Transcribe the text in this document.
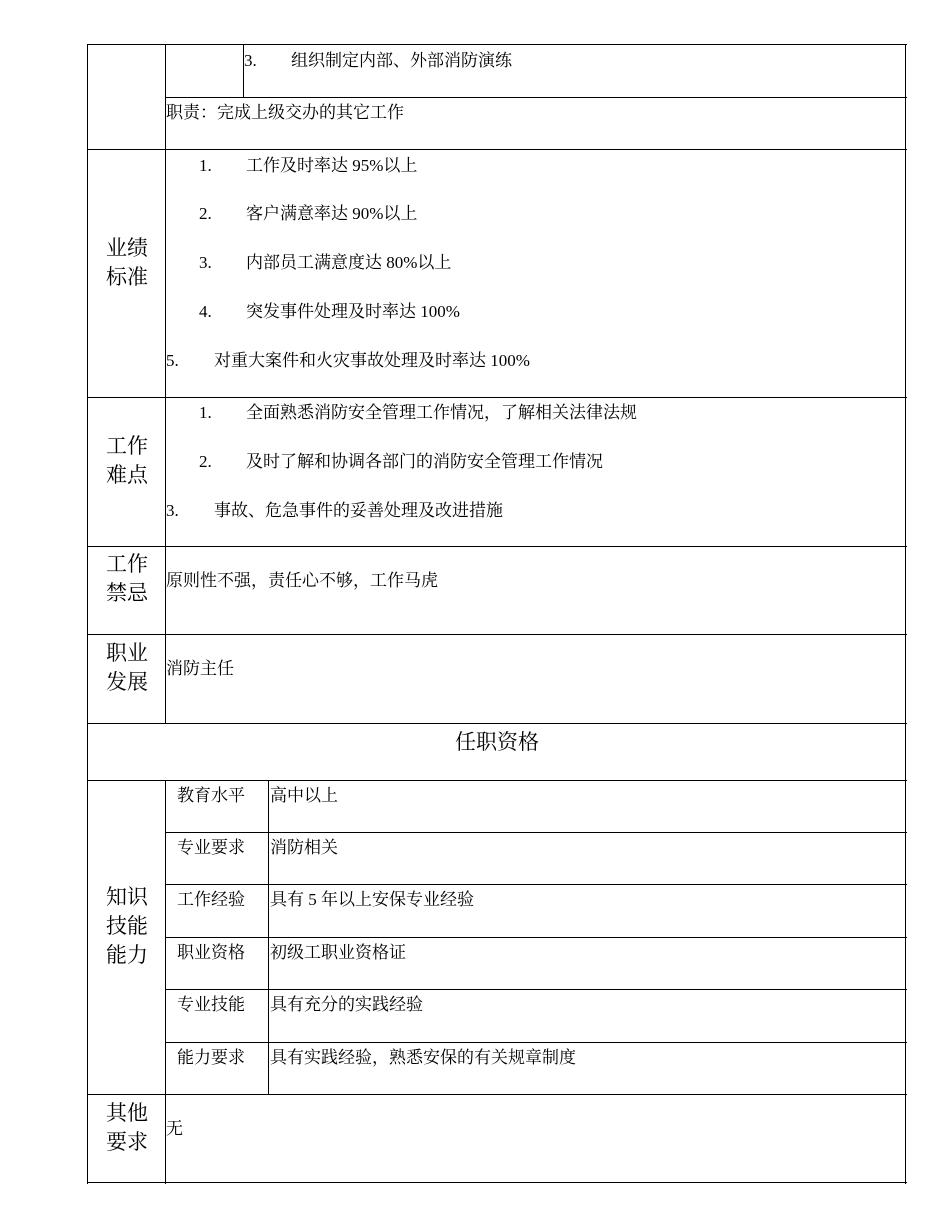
3. 组织制定内部、外部消防演练
职责：完成上级交办的其它工作
业绩
标准
1. 工作及时率达 95%以上
2. 客户满意率达 90%以上
3. 内部员工满意度达 80%以上
4. 突发事件处理及时率达 100%
5. 对重大案件和火灾事故处理及时率达 100%
工作
难点
1. 全面熟悉消防安全管理工作情况，了解相关法律法规
2. 及时了解和协调各部门的消防安全管理工作情况
3. 事故、危急事件的妥善处理及改进措施
工作
禁忌
原则性不强，责任心不够，工作马虎
职业
发展
消防主任
任职资格
知识
技能
能力
教育水平 高中以上
专业要求 消防相关
工作经验 具有 5 年以上安保专业经验
职业资格 初级工职业资格证
专业技能 具有充分的实践经验
能力要求 具有实践经验，熟悉安保的有关规章制度
其他
要求
无
